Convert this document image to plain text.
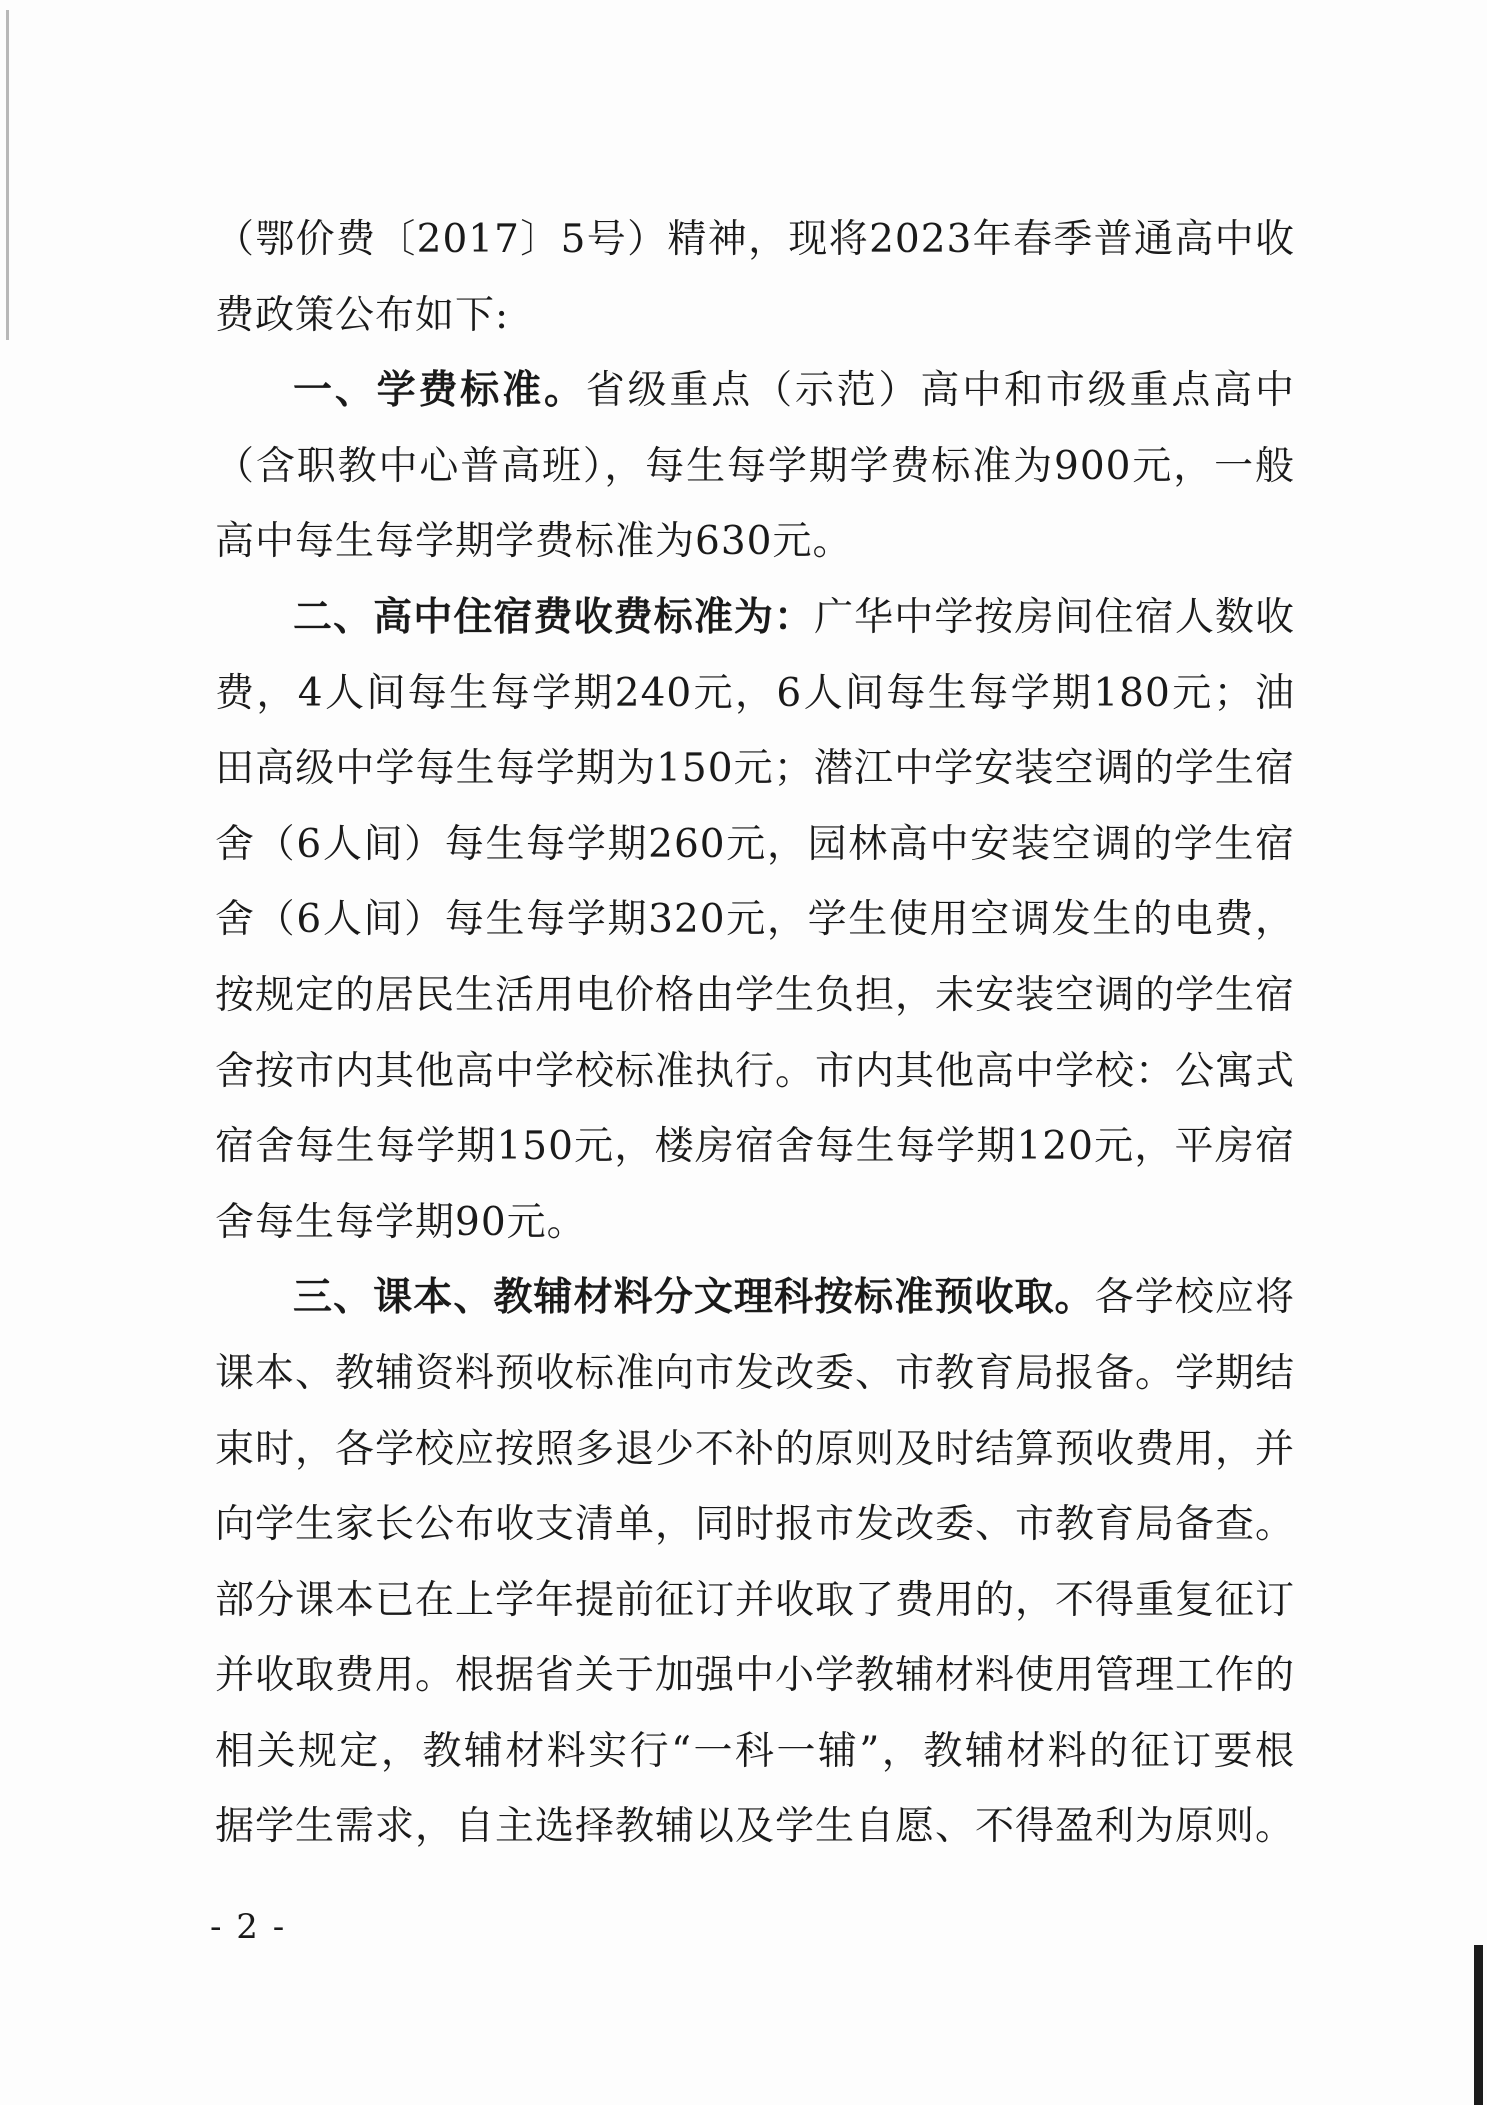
（鄂价费〔2017〕5号）精神，现将2023年春季普通高中收费政策公布如下:

一、学费标准。省级重点（示范）高中和市级重点高中（含职教中心普高班），每生每学期学费标准为900元，一般高中每生每学期学费标准为630元。

二、高中住宿费收费标准为：广华中学按房间住宿人数收费，4人间每生每学期240元，6人间每生每学期180元；油田高级中学每生每学期为150元；潜江中学安装空调的学生宿舍（6人间）每生每学期260元，园林高中安装空调的学生宿舍（6人间）每生每学期320元，学生使用空调发生的电费，按规定的居民生活用电价格由学生负担，未安装空调的学生宿舍按市内其他高中学校标准执行。市内其他高中学校：公寓式宿舍每生每学期150元，楼房宿舍每生每学期120元，平房宿舍每生每学期90元。

三、课本、教辅材料分文理科按标准预收取。各学校应将课本、教辅资料预收标准向市发改委、市教育局报备。学期结束时，各学校应按照多退少不补的原则及时结算预收费用，并向学生家长公布收支清单，同时报市发改委、市教育局备查。部分课本已在上学年提前征订并收取了费用的，不得重复征订并收取费用。根据省关于加强中小学教辅材料使用管理工作的相关规定，教辅材料实行“一科一辅”，教辅材料的征订要根据学生需求，自主选择教辅以及学生自愿、不得盈利为原则。

- 2 -
